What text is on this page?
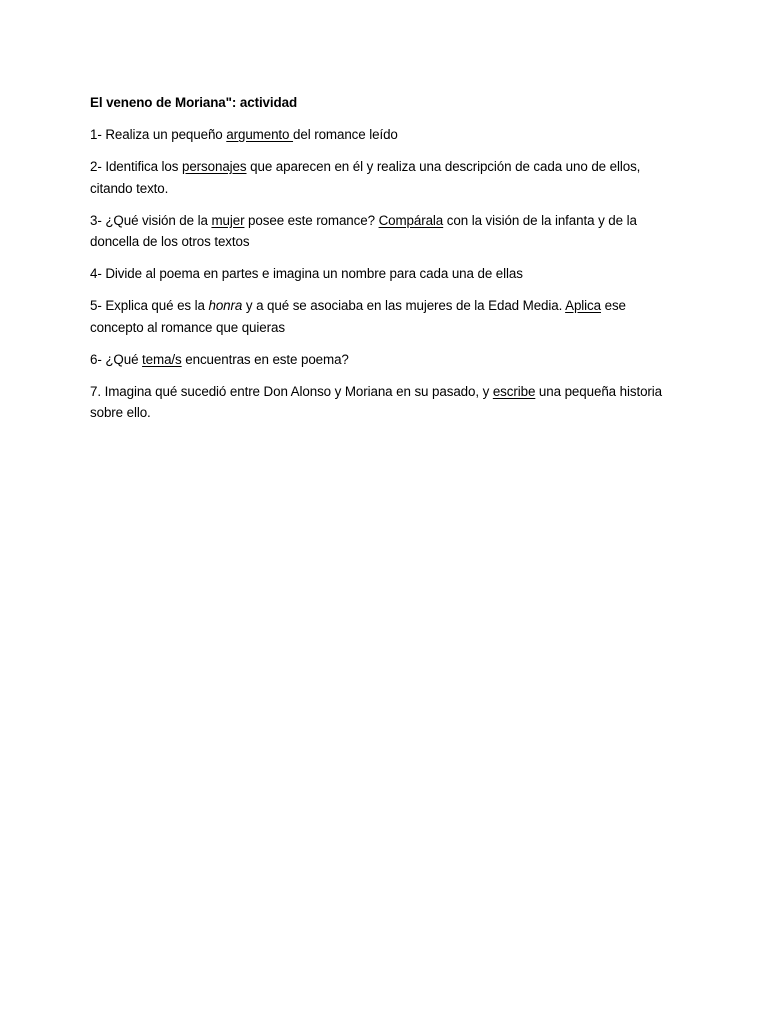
El veneno de Moriana": actividad
1- Realiza un pequeño argumento del romance leído
2- Identifica los personajes que aparecen en él y realiza una descripción de cada uno de ellos, citando texto.
3- ¿Qué visión de la mujer posee este romance? Compárala con la visión de la infanta y de la doncella de los otros textos
4- Divide al poema en partes e imagina un nombre para cada una de ellas
5- Explica qué es la honra y a qué se asociaba en las mujeres de la Edad Media. Aplica ese concepto al romance que quieras
6- ¿Qué tema/s encuentras en este poema?
7. Imagina qué sucedió entre Don Alonso y Moriana en su pasado, y escribe una pequeña historia sobre ello.
